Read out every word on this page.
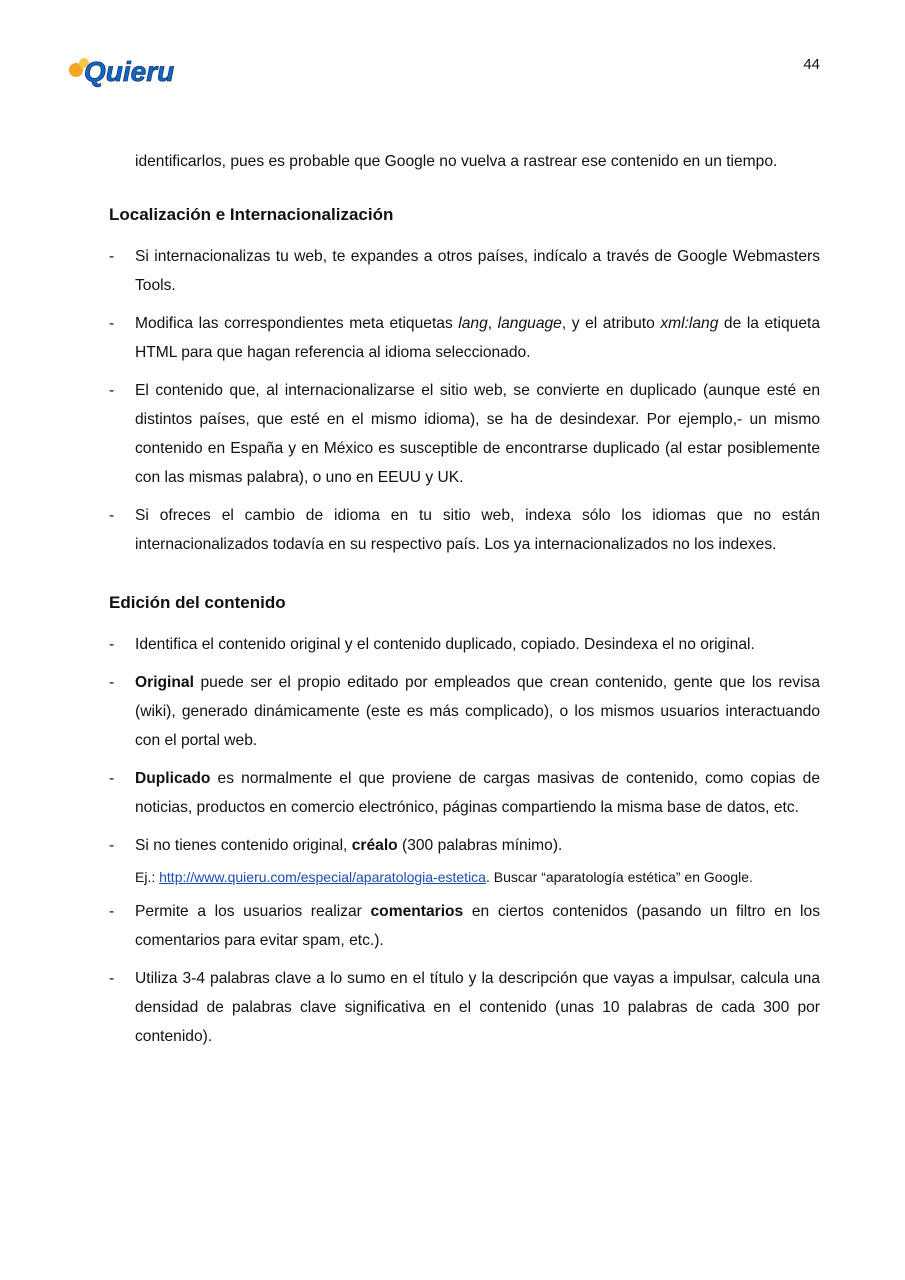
Quieru	44

identificarlos, pues es probable que Google no vuelva a rastrear ese contenido en un tiempo.

Localización e Internacionalización
- Si internacionalizas tu web, te expandes a otros países, indícalo a través de Google Webmasters Tools.
- Modifica las correspondientes meta etiquetas lang, language, y el atributo xml:lang de la etiqueta HTML para que hagan referencia al idioma seleccionado.
- El contenido que, al internacionalizarse el sitio web, se convierte en duplicado (aunque esté en distintos países, que esté en el mismo idioma), se ha de desindexar. Por ejemplo,- un mismo contenido en España y en México es susceptible de encontrarse duplicado (al estar posiblemente con las mismas palabra), o uno en EEUU y UK.
- Si ofreces el cambio de idioma en tu sitio web, indexa sólo los idiomas que no están internacionalizados todavía en su respectivo país. Los ya internacionalizados no los indexes.
Edición del contenido
- Identifica el contenido original y el contenido duplicado, copiado. Desindexa el no original.
- Original puede ser el propio editado por empleados que crean contenido, gente que los revisa (wiki), generado dinámicamente (este es más complicado), o los mismos usuarios interactuando con el portal web.
- Duplicado es normalmente el que proviene de cargas masivas de contenido, como copias de noticias, productos en comercio electrónico, páginas compartiendo la misma base de datos, etc.
- Si no tienes contenido original, créalo (300 palabras mínimo).

Ej.: http://www.quieru.com/especial/aparatologia-estetica. Buscar “aparatología estética” en Google.

- Permite a los usuarios realizar comentarios en ciertos contenidos (pasando un filtro en los comentarios para evitar spam, etc.).
- Utiliza 3-4 palabras clave a lo sumo en el título y la descripción que vayas a impulsar, calcula una densidad de palabras clave significativa en el contenido (unas 10 palabras de cada 300 por contenido).
